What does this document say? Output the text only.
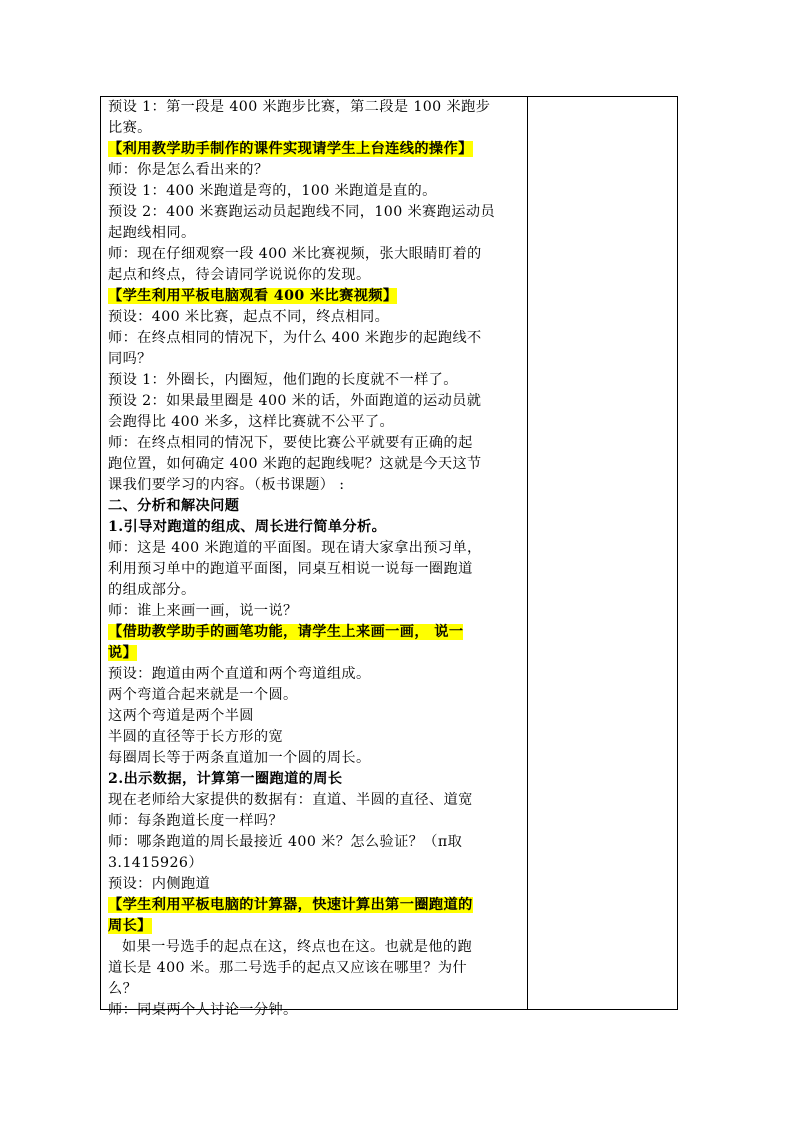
预设 1：第一段是 400 米跑步比赛，第二段是 100 米跑步
比赛。
【利用教学助手制作的课件实现请学生上台连线的操作】
师：你是怎么看出来的？
预设 1：400 米跑道是弯的，100 米跑道是直的。
预设 2：400 米赛跑运动员起跑线不同，100 米赛跑运动员
起跑线相同。
师：现在仔细观察一段 400 米比赛视频，张大眼睛盯着的
起点和终点，待会请同学说说你的发现。
【学生利用平板电脑观看 400 米比赛视频】
预设：400 米比赛，起点不同，终点相同。
师：在终点相同的情况下，为什么 400 米跑步的起跑线不
同吗？
预设 1：外圈长，内圈短，他们跑的长度就不一样了。
预设 2：如果最里圈是 400 米的话，外面跑道的运动员就
会跑得比 400 米多，这样比赛就不公平了。
师：在终点相同的情况下，要使比赛公平就要有正确的起
跑位置，如何确定 400 米跑的起跑线呢？这就是今天这节
课我们要学习的内容。（板书课题） :
二、分析和解决问题
1.引导对跑道的组成、周长进行简单分析。
师：这是 400 米跑道的平面图。现在请大家拿出预习单，
利用预习单中的跑道平面图，同桌互相说一说每一圈跑道
的组成部分。
师：谁上来画一画，说一说？
【借助教学助手的画笔功能，请学生上来画一画， 说一
说】
预设：跑道由两个直道和两个弯道组成。
两个弯道合起来就是一个圆。
这两个弯道是两个半圆
半圆的直径等于长方形的宽
每圈周长等于两条直道加一个圆的周长。
2.出示数据，计算第一圈跑道的周长
现在老师给大家提供的数据有：直道、半圆的直径、道宽
师：每条跑道长度一样吗？
师：哪条跑道的周长最接近 400 米？怎么验证？（π取
3.1415926）
预设：内侧跑道
【学生利用平板电脑的计算器，快速计算出第一圈跑道的
周长】
如果一号选手的起点在这，终点也在这。也就是他的跑
道长是 400 米。那二号选手的起点又应该在哪里？为什
么？
师：同桌两个人讨论一分钟。
